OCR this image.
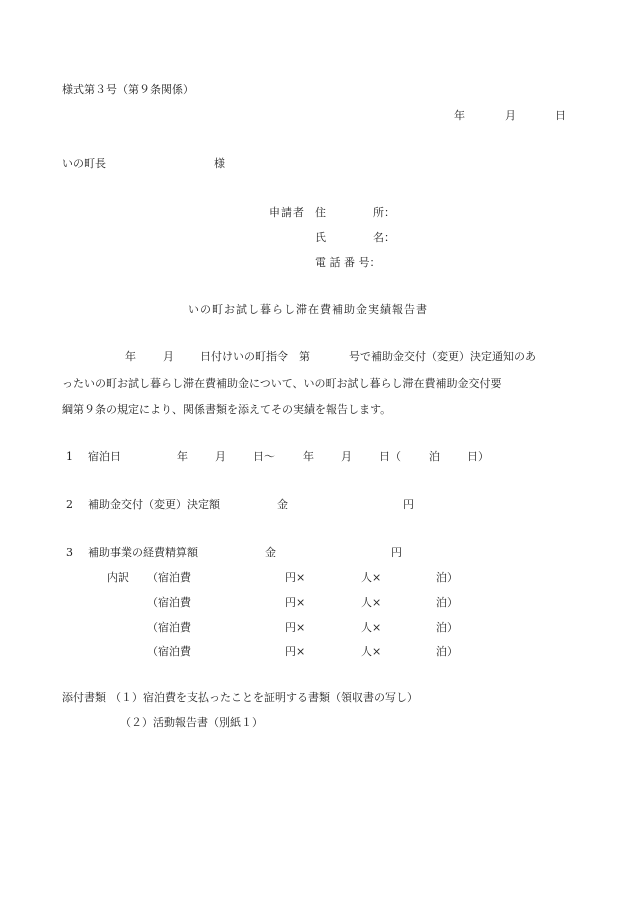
様式第３号（第９条関係）
年	月	日
いの町長	様
申請者 住	所：
氏	名：
電 話 番 号：
いの町お試し暮らし滞在費補助金実績報告書
年 月 日付けいの町指令　第	号で補助金交付（変更）決定通知のあ
ったいの町お試し暮らし滞在費補助金について、いの町お試し暮らし滞在費補助金交付要
綱第９条の規定により、関係書類を添えてその実績を報告します。
1 宿泊日	年 月 日～	年 月 日（	泊 日）
2 補助金交付（変更）決定額	金	円
3 補助事業の経費精算額	金	円
内訳 （宿泊費	円×	人×	泊）
（宿泊費	円×	人×	泊）
（宿泊費	円×	人×	泊）
（宿泊費	円×	人×	泊）
添付書類 （１）宿泊費を支払ったことを証明する書類（領収書の写し）
（２）活動報告書（別紙１）
